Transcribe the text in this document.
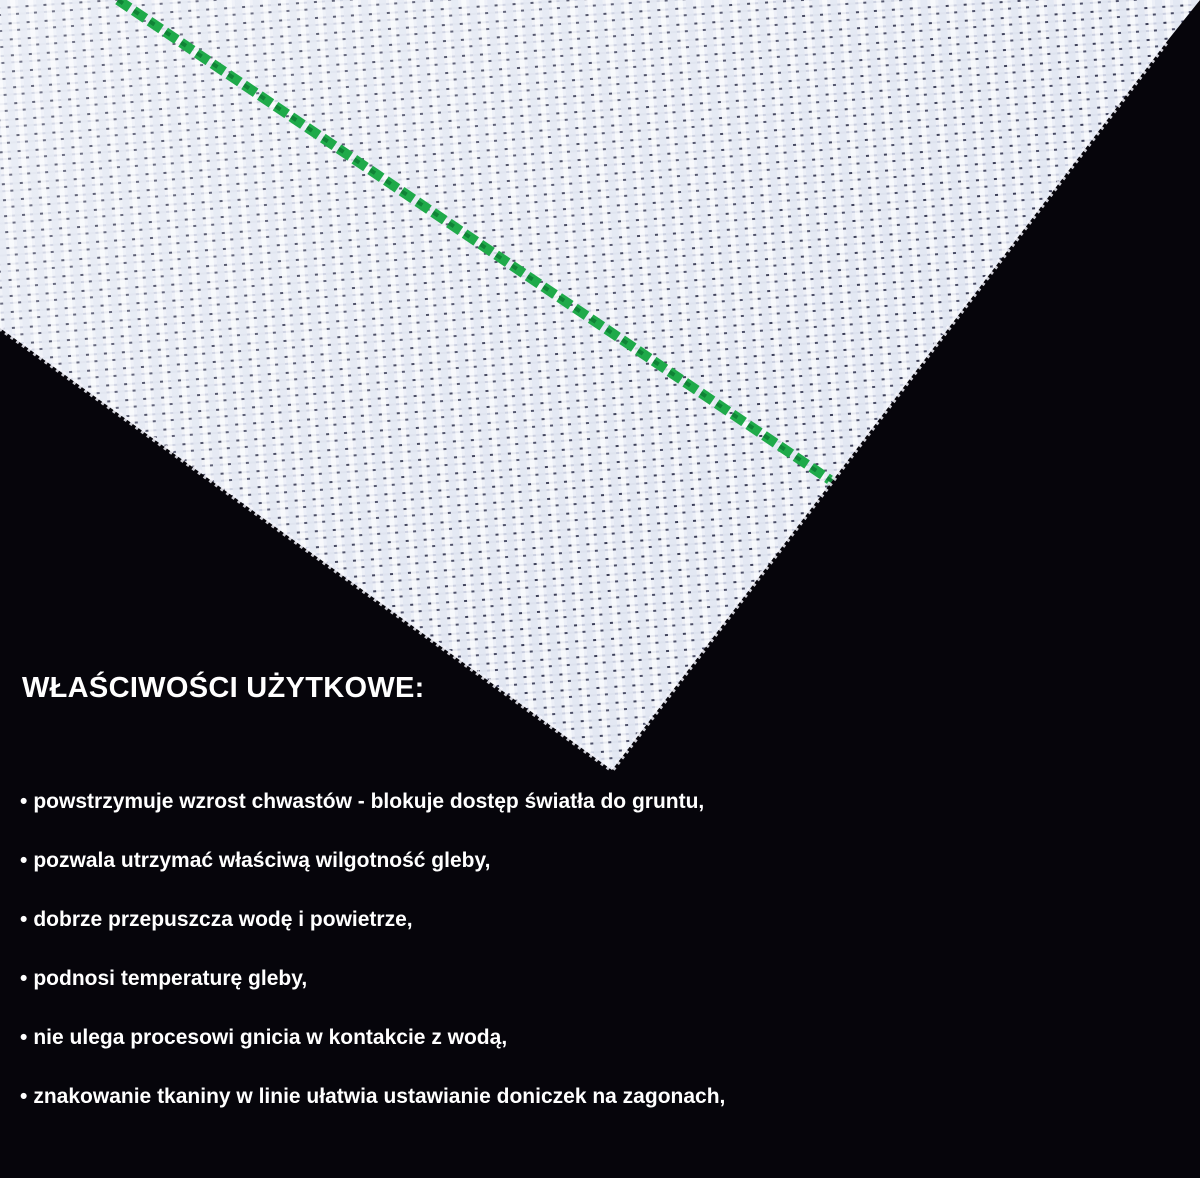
WŁAŚCIWOŚCI UŻYTKOWE:
• powstrzymuje wzrost chwastów - blokuje dostęp światła do gruntu,
• pozwala utrzymać właściwą wilgotność gleby,
• dobrze przepuszcza wodę i powietrze,
• podnosi temperaturę gleby,
• nie ulega procesowi gnicia w kontakcie z wodą,
• znakowanie tkaniny w linie ułatwia ustawianie doniczek na zagonach,
